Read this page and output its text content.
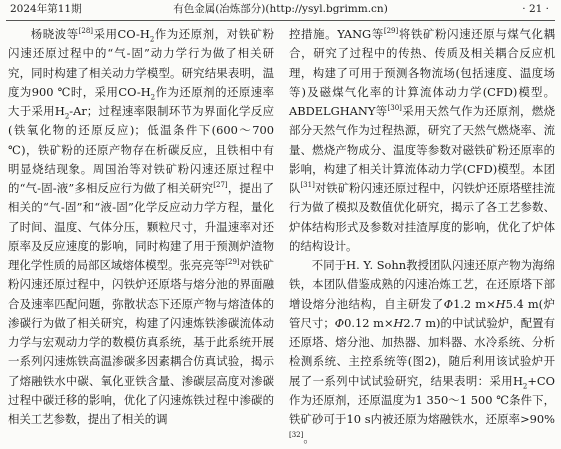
2024年第11期	有色金属(冶炼部分)(http://ysyl.bgrimm.cn)	· 21 ·

杨晓波等[28]采用$CO-H_2$作为还原剂，对铁矿粉闪速还原过程中的“气-固”动力学行为做了相关研究，同时构建了相关动力学模型。研究结果表明，温度为900 ℃时，采用$CO-H_2$作为还原剂的还原速率大于采用$H_2-Ar$；过程速率限制环节为界面化学反应(铁氧化物的还原反应)；低温条件下(600～700 ℃)，铁矿粉的还原产物存在析碳反应，且铁相中有明显烧结现象。周国治等对铁矿粉闪速还原过程中的“气-固-液”多相反应行为做了相关研究[27]，提出了相关的“气-固”和“液-固”化学反应动力学方程，量化了时间、温度、气体分压，颗粒尺寸，升温速率对还原率及反应速度的影响，同时构建了用于预测炉渣物理化学性质的局部区域熔体模型。张亮亮等[29]对铁矿粉闪速还原过程中，闪铁炉还原塔与熔分池的界面融合及速率匹配问题，弥散状态下还原产物与熔渣体的渗碳行为做了相关研究，构建了闪速炼铁渗碳流体动力学与宏观动力学的数模仿真系统，基于此系统开展一系列闪速炼铁高温渗碳多因素耦合仿真试验，揭示了熔融铁水中碳、氧化亚铁含量、渗碳层高度对渗碳过程中碳迁移的影响，优化了闪速炼铁过程中渗碳的相关工艺参数，提出了相关的调

控措施。YANG等[29]将铁矿粉闪速还原与煤气化耦合，研究了过程中的传热、传质及相关耦合反应机理，构建了可用于预测各物流场(包括速度、温度场等)及磁煤气化率的计算流体动力学(CFD)模型。ABDELGHANY等[30]采用天然气作为还原剂，燃烧部分天然气作为过程热源，研究了天然气燃烧率、流量、燃烧产物成分、温度等参数对磁铁矿粉还原率的影响，构建了相关计算流体动力学(CFD)模型。本团队[31]对铁矿粉闪速还原过程中，闪铁炉还原塔壁挂流行为做了模拟及数值优化研究，揭示了各工艺参数、炉体结构形式及参数对挂渣厚度的影响，优化了炉体的结构设计。

不同于H. Y. Sohn教授团队闪速还原产物为海绵铁，本团队借鉴成熟的闪速冶炼工艺，在还原塔下部增设熔分池结构，自主研发了Φ1.2 m×H5.4 m(炉管尺寸；Φ0.12 m×H2.7 m)的中试试验炉，配置有还原塔、熔分池、加热器、加料器、水冷系统、分析检测系统、主控系统等(图2)，随后利用该试验炉开展了一系列中试试验研究，结果表明：采用$H_2+CO$作为还原剂，还原温度为1 350～1 500 ℃条件下，铁矿砂可于10 s内被还原为熔融铁水，还原率>90%[32]。
